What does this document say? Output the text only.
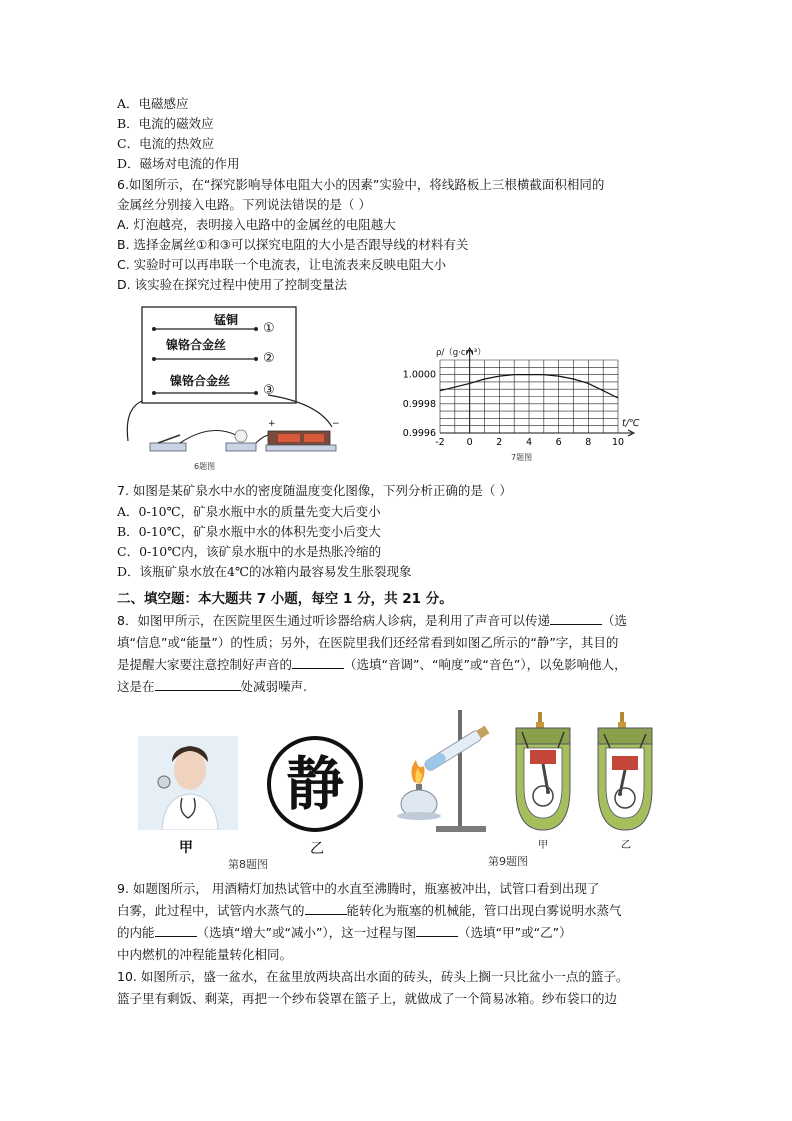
A．电磁感应
B．电流的磁效应
C．电流的热效应
D．磁场对电流的作用
6.如图所示，在“探究影响导体电阻大小的因素”实验中，将线路板上三根横截面积相同的
金属丝分别接入电路。下列说法错误的是（ ）
A. 灯泡越亮，表明接入电路中的金属丝的电阻越大
B. 选择金属丝①和③可以探究电阻的大小是否跟导线的材料有关
C. 实验时可以再串联一个电流表，让电流表来反映电阻大小
D. 该实验在探究过程中使用了控制变量法
锰铜
镍铬合金丝
镍铬合金丝
①
②
③
+	−
6题图
-2 0 2 4 6 8 10
1.0000
0.9998
0.9996
ρ/（g·cm³）
t/℃
7题图
7. 如图是某矿泉水中水的密度随温度变化图像，下列分析正确的是（ ）
A．0-10℃，矿泉水瓶中水的质量先变大后变小
B．0-10℃，矿泉水瓶中水的体积先变小后变大
C．0-10℃内，该矿泉水瓶中的水是热胀冷缩的
D．该瓶矿泉水放在4℃的冰箱内最容易发生胀裂现象
二、填空题：本大题共 7 小题，每空 1 分，共 21 分。
8．如图甲所示，在医院里医生通过听诊器给病人诊病，是利用了声音可以传递	（选
填“信息”或“能量”）的性质；另外，在医院里我们还经常看到如图乙所示的“静”字，其目的
是提醒大家要注意控制好声音的	（选填“音调”、“响度”或“音色”），以免影响他人，
这是在	处减弱噪声.
甲
静
乙
第8题图
甲	乙
第9题图
9. 如题图所示， 用酒精灯加热试管中的水直至沸腾时，瓶塞被冲出，试管口看到出现了
白雾，此过程中，试管内水蒸气的	能转化为瓶塞的机械能，管口出现白雾说明水蒸气
的内能	（选填“增大”或“减小”），这一过程与图	（选填“甲”或“乙”）
中内燃机的冲程能量转化相同。
10. 如图所示，盛一盆水，在盆里放两块高出水面的砖头，砖头上搁一只比盆小一点的篮子。
篮子里有剩饭、剩菜，再把一个纱布袋罩在篮子上，就做成了一个简易冰箱。纱布袋口的边
